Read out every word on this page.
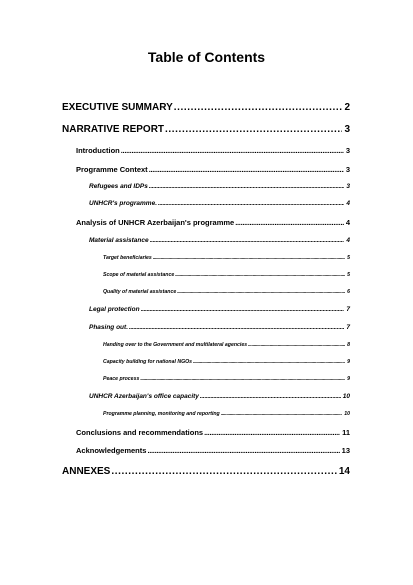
Table of Contents
EXECUTIVE SUMMARY .....	2
NARRATIVE REPORT .....	3
Introduction .....	3
Programme Context .....	3
Refugees and IDPs .....	3
UNHCR's programme. .....	4
Analysis of UNHCR Azerbaijan's programme .....	4
Material assistance .....	4
Target beneficiaries .....	5
Scope of material assistance .....	5
Quality of material assistance .....	6
Legal protection .....	7
Phasing out. .....	7
Handing over to the Government and multilateral agencies .....	8
Capacity building for national NGOs .....	9
Peace process .....	9
UNHCR Azerbaijan's office capacity .....	10
Programme planning, monitoring and reporting .....	10
Conclusions and recommendations .....	11
Acknowledgements .....	13
ANNEXES .....	14
